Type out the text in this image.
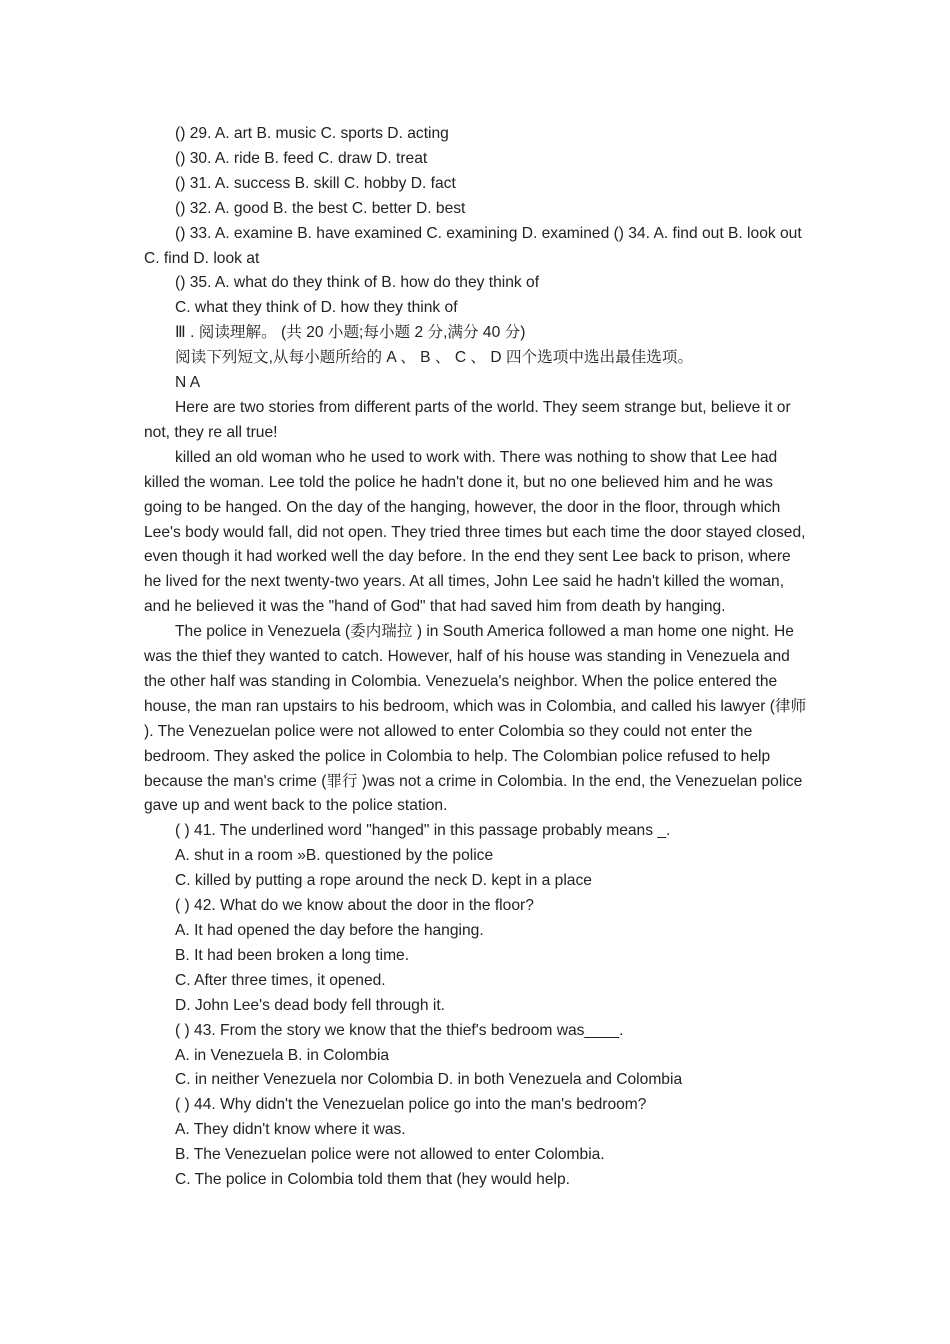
() 29. A. art B. music C. sports D. acting

() 30. A. ride B. feed C. draw D. treat

() 31. A. success B. skill C. hobby D. fact

() 32. A. good B. the best C. better D. best

() 33. A. examine B. have examined C. examining D. examined () 34. A. find out B. look out C. find D. look at

() 35. A. what do they think of B. how do they think of

C. what they think of D. how they think of

Ⅲ . 阅读理解。 (共 20 小题;每小题 2 分,满分 40 分)

阅读下列短文,从每小题所给的 A 、 B 、 C 、 D 四个选项中选出最佳选项。

N A

Here are two stories from different parts of the world. They seem strange but, believe it or not, they re all true!

killed an old woman who he used to work with. There was nothing to show that Lee had killed the woman. Lee told the police he hadn't done it, but no one believed him and he was going to be hanged. On the day of the hanging, however, the door in the floor, through which Lee's body would fall, did not open. They tried three times but each time the door stayed closed, even though it had worked well the day before. In the end they sent Lee back to prison, where he lived for the next twenty-two years. At all times, John Lee said he hadn't killed the woman, and he believed it was the "hand of God" that had saved him from death by hanging.

The police in Venezuela (委内瑞拉 ) in South America followed a man home one night. He was the thief they wanted to catch. However, half of his house was standing in Venezuela and the other half was standing in Colombia. Venezuela's neighbor. When the police entered the house, the man ran upstairs to his bedroom, which was in Colombia, and called his lawyer (律师 ). The Venezuelan police were not allowed to enter Colombia so they could not enter the bedroom. They asked the police in Colombia to help. The Colombian police refused to help because the man's crime (罪行 )was not a crime in Colombia. In the end, the Venezuelan police gave up and went back to the police station.

( ) 41. The underlined word "hanged" in this passage probably means _.

A. shut in a room »B. questioned by the police

C. killed by putting a rope around the neck D. kept in a place

( ) 42. What do we know about the door in the floor?

A. It had opened the day before the hanging.

B. It had been broken a long time.

C. After three times, it opened.

D. John Lee's dead body fell through it.

( ) 43. From the story we know that the thief's bedroom was____.

A. in Venezuela B. in Colombia

C. in neither Venezuela nor Colombia D. in both Venezuela and Colombia

( ) 44. Why didn't the Venezuelan police go into the man's bedroom?

A. They didn't know where it was.

B. The Venezuelan police were not allowed to enter Colombia.

C. The police in Colombia told them that (hey would help.
